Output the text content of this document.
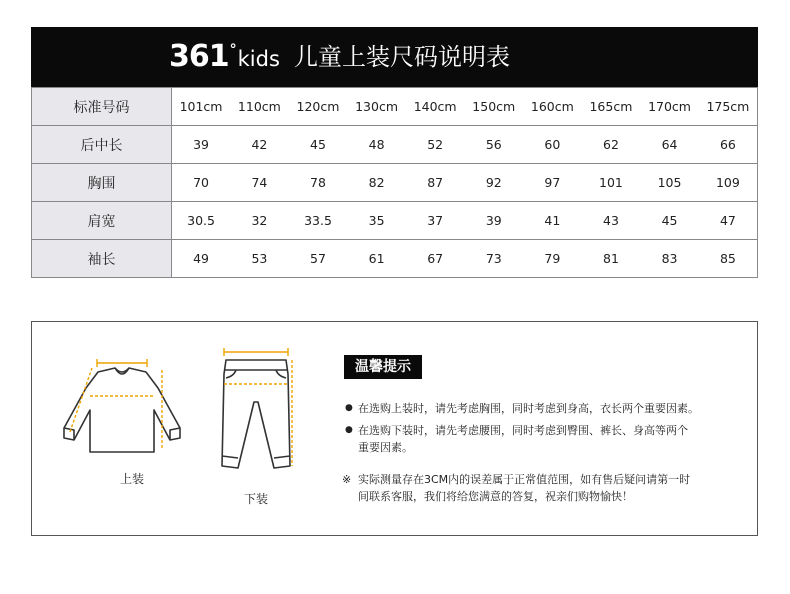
361°kids 儿童上装尺码说明表
标准号码	101cm	110cm	120cm	130cm	140cm	150cm	160cm	165cm	170cm	175cm
后中长	39	42	45	48	52	56	60	62	64	66
胸围	70	74	78	82	87	92	97	101	105	109
肩宽	30.5	32	33.5	35	37	39	41	43	45	47
袖长	49	53	57	61	67	73	79	81	83	85
上装
下装
温馨提示
● 在选购上装时，请先考虑胸围，同时考虑到身高，衣长两个重要因素。
● 在选购下装时，请先考虑腰围，同时考虑到臀围、裤长、身高等两个
重要因素。
※ 实际测量存在3CM内的误差属于正常值范围，如有售后疑问请第一时
间联系客服，我们将给您满意的答复，祝亲们购物愉快！
